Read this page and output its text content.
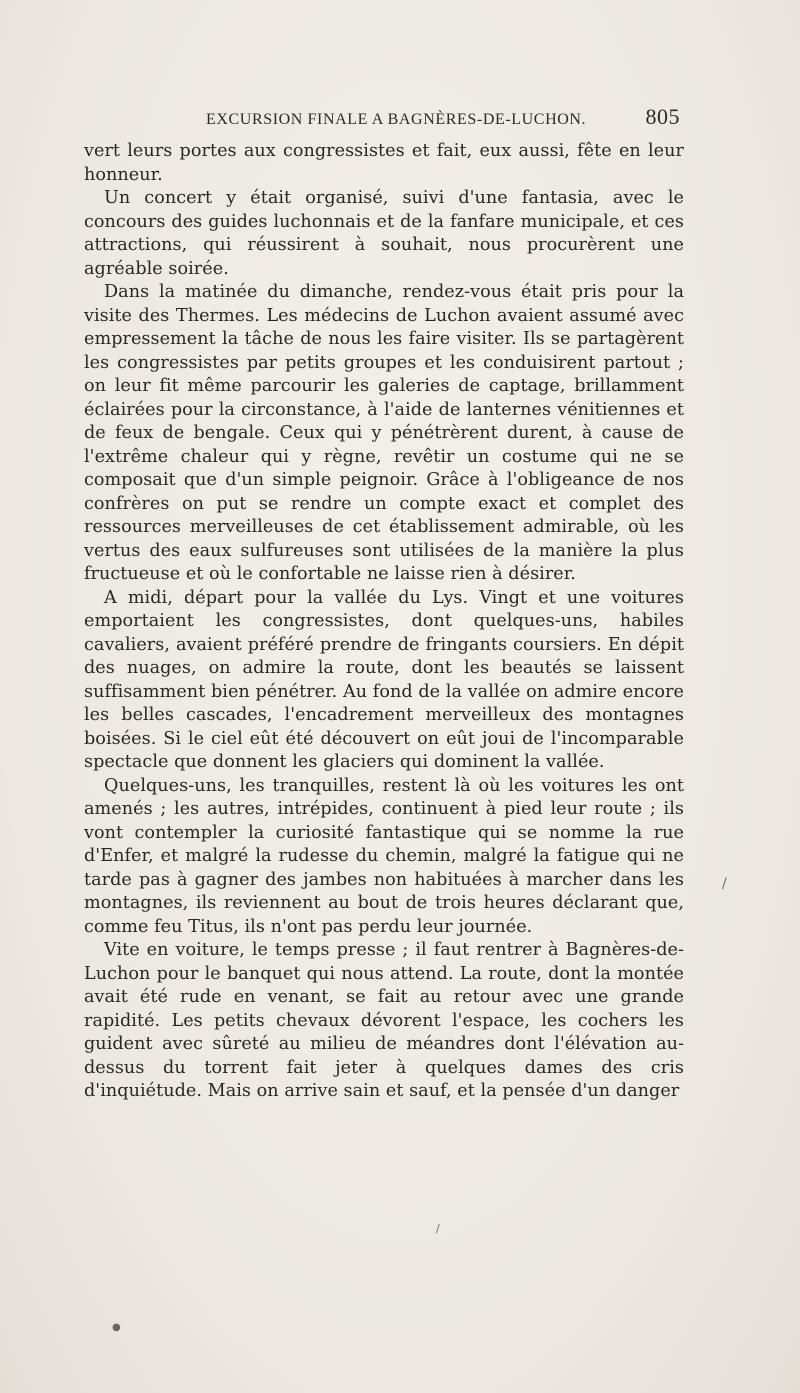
EXCURSION FINALE A BAGNÈRES-DE-LUCHON.	805

vert leurs portes aux congressistes et fait, eux aussi, fête en leur honneur.

Un concert y était organisé, suivi d'une fantasia, avec le concours des guides luchonnais et de la fanfare municipale, et ces attractions, qui réussirent à souhait, nous procurèrent une agréable soirée.

Dans la matinée du dimanche, rendez-vous était pris pour la visite des Thermes. Les médecins de Luchon avaient assumé avec empressement la tâche de nous les faire visiter. Ils se partagèrent les congressistes par petits groupes et les conduisirent partout ; on leur fit même parcourir les galeries de captage, brillamment éclairées pour la circonstance, à l'aide de lanternes vénitiennes et de feux de bengale. Ceux qui y pénétrèrent durent, à cause de l'extrême chaleur qui y règne, revêtir un costume qui ne se composait que d'un simple peignoir. Grâce à l'obligeance de nos confrères on put se rendre un compte exact et complet des ressources merveilleuses de cet établissement admirable, où les vertus des eaux sulfureuses sont utilisées de la manière la plus fructueuse et où le confortable ne laisse rien à désirer.

A midi, départ pour la vallée du Lys. Vingt et une voitures emportaient les congressistes, dont quelques-uns, habiles cavaliers, avaient préféré prendre de fringants coursiers. En dépit des nuages, on admire la route, dont les beautés se laissent suffisamment bien pénétrer. Au fond de la vallée on admire encore les belles cascades, l'encadrement merveilleux des montagnes boisées. Si le ciel eût été découvert on eût joui de l'incomparable spectacle que donnent les glaciers qui dominent la vallée.

Quelques-uns, les tranquilles, restent là où les voitures les ont amenés ; les autres, intrépides, continuent à pied leur route ; ils vont contempler la curiosité fantastique qui se nomme la rue d'Enfer, et malgré la rudesse du chemin, malgré la fatigue qui ne tarde pas à gagner des jambes non habituées à marcher dans les montagnes, ils reviennent au bout de trois heures déclarant que, comme feu Titus, ils n'ont pas perdu leur journée.

Vite en voiture, le temps presse ; il faut rentrer à Bagnères-de-Luchon pour le banquet qui nous attend. La route, dont la montée avait été rude en venant, se fait au retour avec une grande rapidité. Les petits chevaux dévorent l'espace, les cochers les guident avec sûreté au milieu de méandres dont l'élévation au-dessus du torrent fait jeter à quelques dames des cris d'inquiétude. Mais on arrive sain et sauf, et la pensée d'un danger

/
/
●
